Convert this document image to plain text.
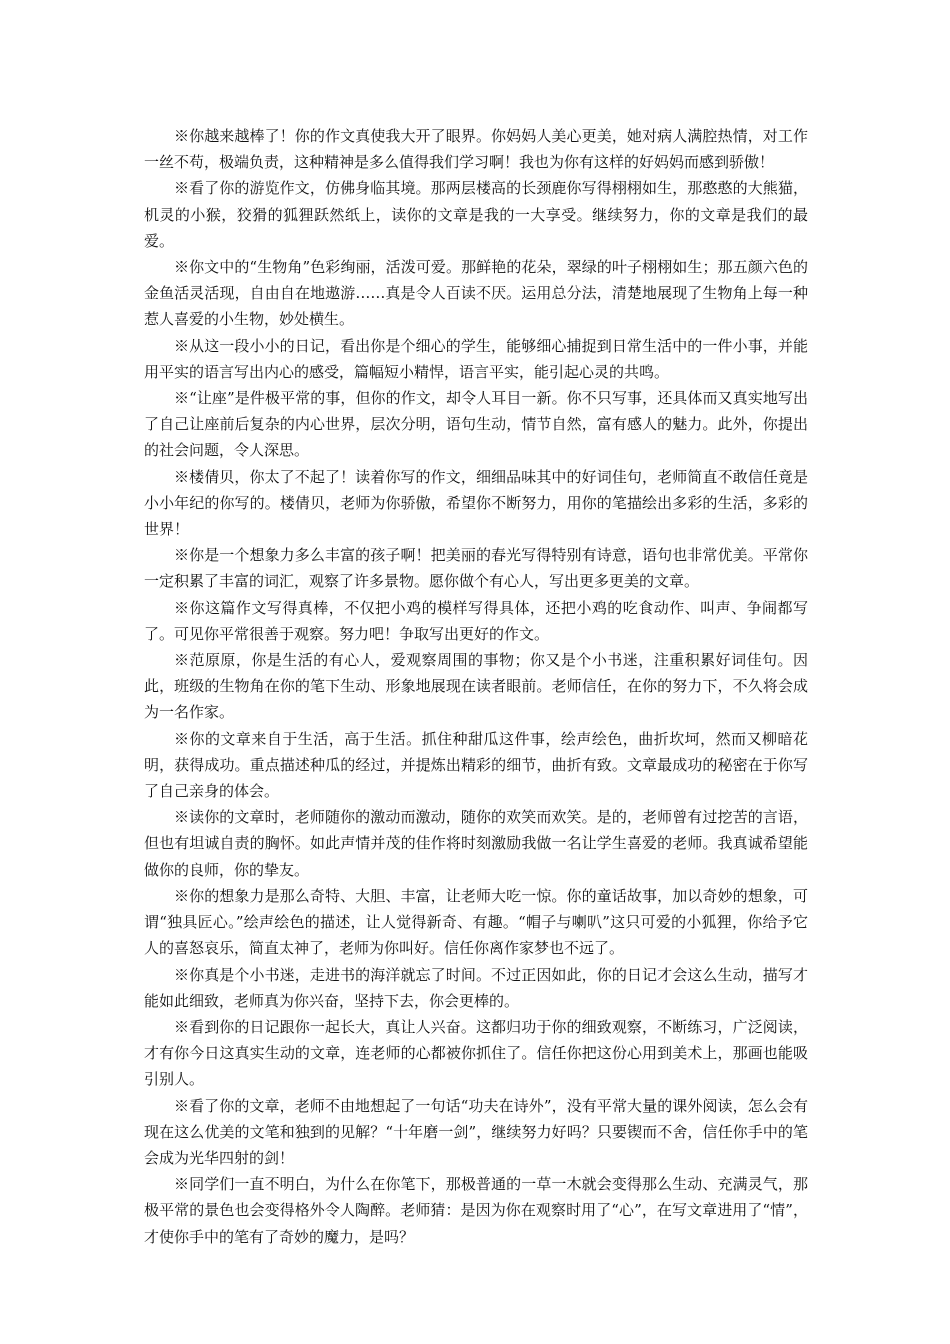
※你越来越棒了！你的作文真使我大开了眼界。你妈妈人美心更美，她对病人满腔热情，对工作一丝不苟，极端负责，这种精神是多么值得我们学习啊！我也为你有这样的好妈妈而感到骄傲！

※看了你的游览作文，仿佛身临其境。那两层楼高的长颈鹿你写得栩栩如生，那憨憨的大熊猫，机灵的小猴，狡猾的狐狸跃然纸上，读你的文章是我的一大享受。继续努力，你的文章是我们的最爱。

※你文中的“生物角”色彩绚丽，活泼可爱。那鲜艳的花朵，翠绿的叶子栩栩如生；那五颜六色的金鱼活灵活现，自由自在地遨游……真是令人百读不厌。运用总分法，清楚地展现了生物角上每一种惹人喜爱的小生物，妙处横生。

※从这一段小小的日记，看出你是个细心的学生，能够细心捕捉到日常生活中的一件小事，并能用平实的语言写出内心的感受，篇幅短小精悍，语言平实，能引起心灵的共鸣。

※“让座”是件极平常的事，但你的作文，却令人耳目一新。你不只写事，还具体而又真实地写出了自己让座前后复杂的内心世界，层次分明，语句生动，情节自然，富有感人的魅力。此外，你提出的社会问题，令人深思。

※楼倩贝，你太了不起了！读着你写的作文，细细品味其中的好词佳句，老师简直不敢信任竟是小小年纪的你写的。楼倩贝，老师为你骄傲，希望你不断努力，用你的笔描绘出多彩的生活，多彩的世界！

※你是一个想象力多么丰富的孩子啊！把美丽的春光写得特别有诗意，语句也非常优美。平常你一定积累了丰富的词汇，观察了许多景物。愿你做个有心人，写出更多更美的文章。

※你这篇作文写得真棒，不仅把小鸡的模样写得具体，还把小鸡的吃食动作、叫声、争闹都写了。可见你平常很善于观察。努力吧！争取写出更好的作文。

※范原原，你是生活的有心人，爱观察周围的事物；你又是个小书迷，注重积累好词佳句。因此，班级的生物角在你的笔下生动、形象地展现在读者眼前。老师信任，在你的努力下，不久将会成为一名作家。

※你的文章来自于生活，高于生活。抓住种甜瓜这件事，绘声绘色，曲折坎坷，然而又柳暗花明，获得成功。重点描述种瓜的经过，并提炼出精彩的细节，曲折有致。文章最成功的秘密在于你写了自己亲身的体会。

※读你的文章时，老师随你的激动而激动，随你的欢笑而欢笑。是的，老师曾有过挖苦的言语，但也有坦诚自责的胸怀。如此声情并茂的佳作将时刻激励我做一名让学生喜爱的老师。我真诚希望能做你的良师，你的挚友。

※你的想象力是那么奇特、大胆、丰富，让老师大吃一惊。你的童话故事，加以奇妙的想象，可谓“独具匠心。”绘声绘色的描述，让人觉得新奇、有趣。“帽子与喇叭”这只可爱的小狐狸，你给予它人的喜怒哀乐，简直太神了，老师为你叫好。信任你离作家梦也不远了。

※你真是个小书迷，走进书的海洋就忘了时间。不过正因如此，你的日记才会这么生动，描写才能如此细致，老师真为你兴奋，坚持下去，你会更棒的。

※看到你的日记跟你一起长大，真让人兴奋。这都归功于你的细致观察，不断练习，广泛阅读，才有你今日这真实生动的文章，连老师的心都被你抓住了。信任你把这份心用到美术上，那画也能吸引别人。

※看了你的文章，老师不由地想起了一句话“功夫在诗外”，没有平常大量的课外阅读，怎么会有现在这么优美的文笔和独到的见解？“十年磨一剑”，继续努力好吗？只要锲而不舍，信任你手中的笔会成为光华四射的剑！

※同学们一直不明白，为什么在你笔下，那极普通的一草一木就会变得那么生动、充满灵气，那极平常的景色也会变得格外令人陶醉。老师猜：是因为你在观察时用了“心”，在写文章进用了“情”，才使你手中的笔有了奇妙的魔力，是吗？
